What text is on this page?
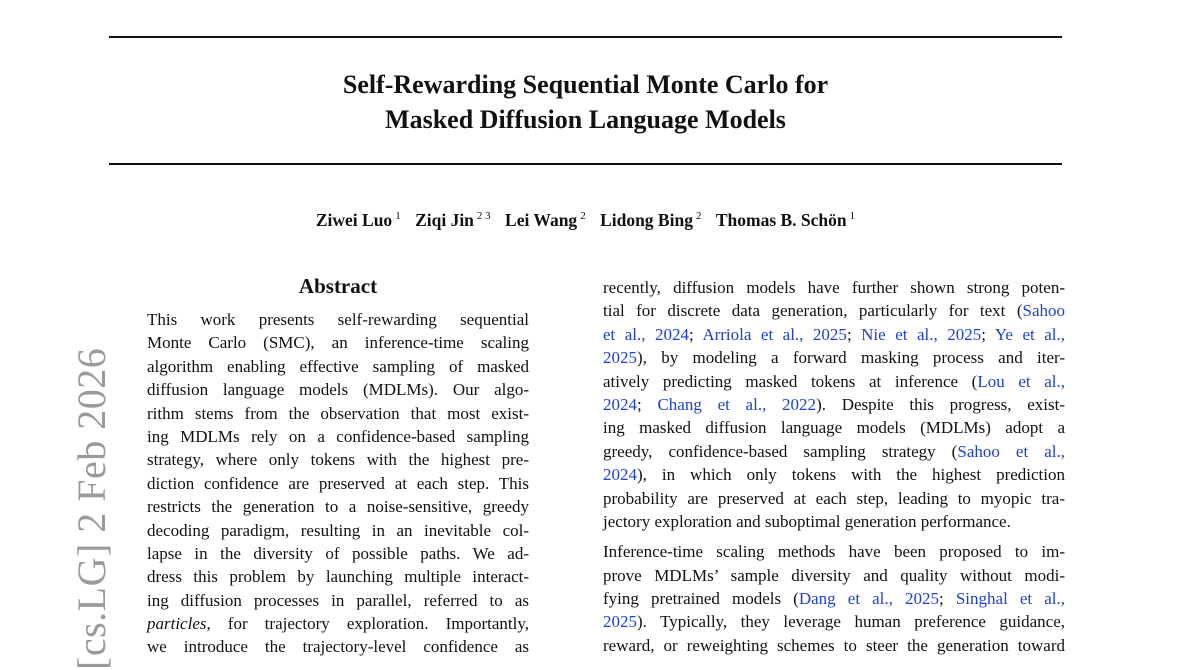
Self-Rewarding Sequential Monte Carlo for
Masked Diffusion Language Models
Ziwei Luo $^1$ Ziqi Jin $^{2 3}$ Lei Wang $^2$ Lidong Bing $^2$ Thomas B. Schön $^1$
[cs.LG] 2 Feb 2026
Abstract
This work presents self-rewarding sequential
Monte Carlo (SMC), an inference-time scaling
algorithm enabling effective sampling of masked
diffusion language models (MDLMs). Our algo-
rithm stems from the observation that most exist-
ing MDLMs rely on a confidence-based sampling
strategy, where only tokens with the highest pre-
diction confidence are preserved at each step. This
restricts the generation to a noise-sensitive, greedy
decoding paradigm, resulting in an inevitable col-
lapse in the diversity of possible paths. We ad-
dress this problem by launching multiple interact-
ing diffusion processes in parallel, referred to as
particles, for trajectory exploration. Importantly,
we introduce the trajectory-level confidence as
recently, diffusion models have further shown strong poten-
tial for discrete data generation, particularly for text (Sahoo
et al., 2024; Arriola et al., 2025; Nie et al., 2025; Ye et al.,
2025), by modeling a forward masking process and iter-
atively predicting masked tokens at inference (Lou et al.,
2024; Chang et al., 2022). Despite this progress, exist-
ing masked diffusion language models (MDLMs) adopt a
greedy, confidence-based sampling strategy (Sahoo et al.,
2024), in which only tokens with the highest prediction
probability are preserved at each step, leading to myopic tra-
jectory exploration and suboptimal generation performance.
Inference-time scaling methods have been proposed to im-
prove MDLMs’ sample diversity and quality without modi-
fying pretrained models (Dang et al., 2025; Singhal et al.,
2025). Typically, they leverage human preference guidance,
reward, or reweighting schemes to steer the generation toward
